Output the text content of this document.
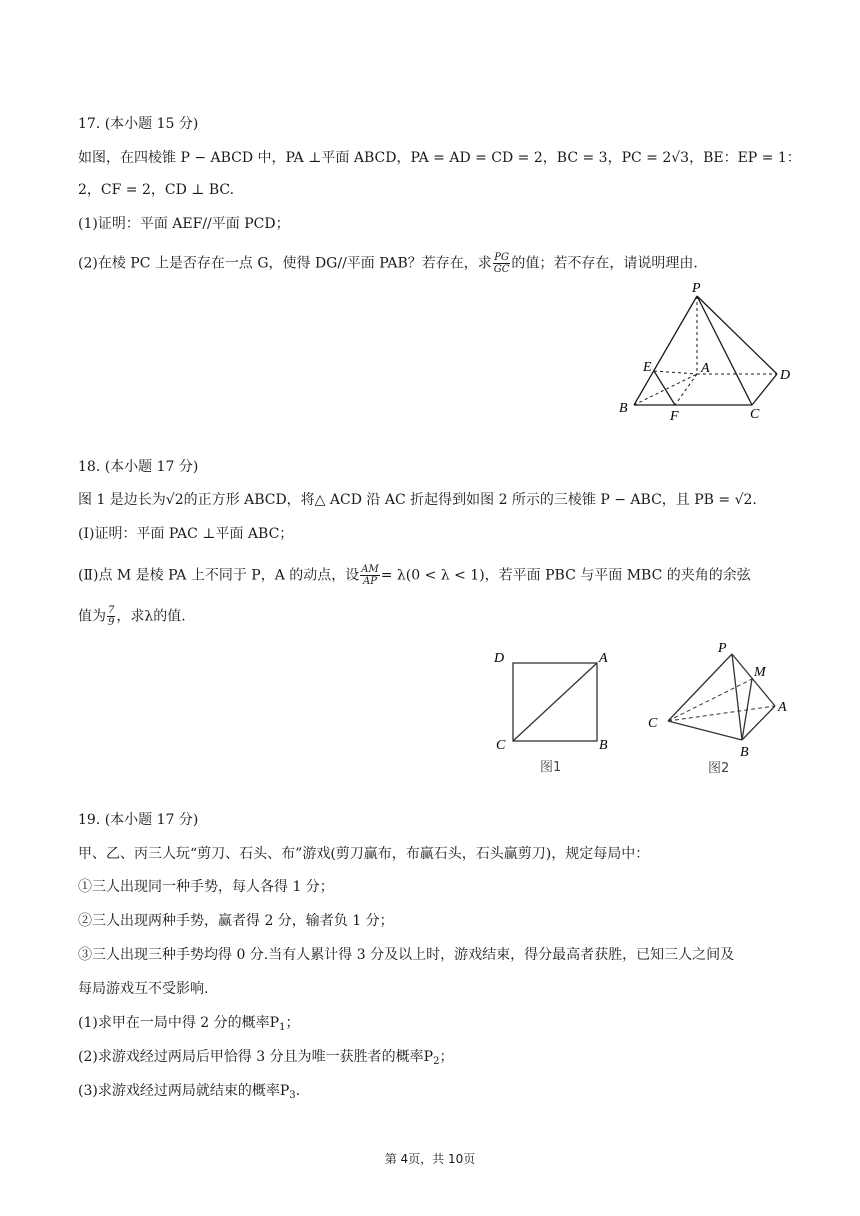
17. (本小题 15 分)
如图，在四棱锥 P − ABCD 中，PA ⊥平面 ABCD，PA = AD = CD = 2，BC = 3，PC = 2√3，BE：EP = 1：
2，CF = 2，CD ⊥ BC.
(1)证明：平面 AEF//平面 PCD；
(2)在棱 PC 上是否存在一点 G，使得 DG//平面 PAB？若存在，求 $\frac{PG}{GC}$ 的值；若不存在，请说明理由.
P
E	A	D
B
F	C
18. (本小题 17 分)
图 1 是边长为√2的正方形 ABCD，将△ ACD 沿 AC 折起得到如图 2 所示的三棱锥 P − ABC，且 PB = √2.
(Ⅰ)证明：平面 PAC ⊥平面 ABC；
(Ⅱ)点 M 是棱 PA 上不同于 P，A 的动点，设 $\frac{AM}{AP} = \lambda(0 < \lambda < 1)$，若平面 PBC 与平面 MBC 的夹角的余弦
值为 $\frac{7}{9}$ ，求λ的值.
D	A
C	B
图1
P
M
A
C
B
图2
19. (本小题 17 分)
甲、乙、丙三人玩“剪刀、石头、布”游戏(剪刀赢布，布赢石头，石头赢剪刀)，规定每局中：
①三人出现同一种手势，每人各得 1 分；
②三人出现两种手势，赢者得 2 分，输者负 1 分；
③三人出现三种手势均得 0 分.当有人累计得 3 分及以上时，游戏结束，得分最高者获胜，已知三人之间及
每局游戏互不受影响.
(1)求甲在一局中得 2 分的概率$P_1$；
(2)求游戏经过两局后甲恰得 3 分且为唯一获胜者的概率$P_2$；
(3)求游戏经过两局就结束的概率$P_3$.
第 4页，共 10页
